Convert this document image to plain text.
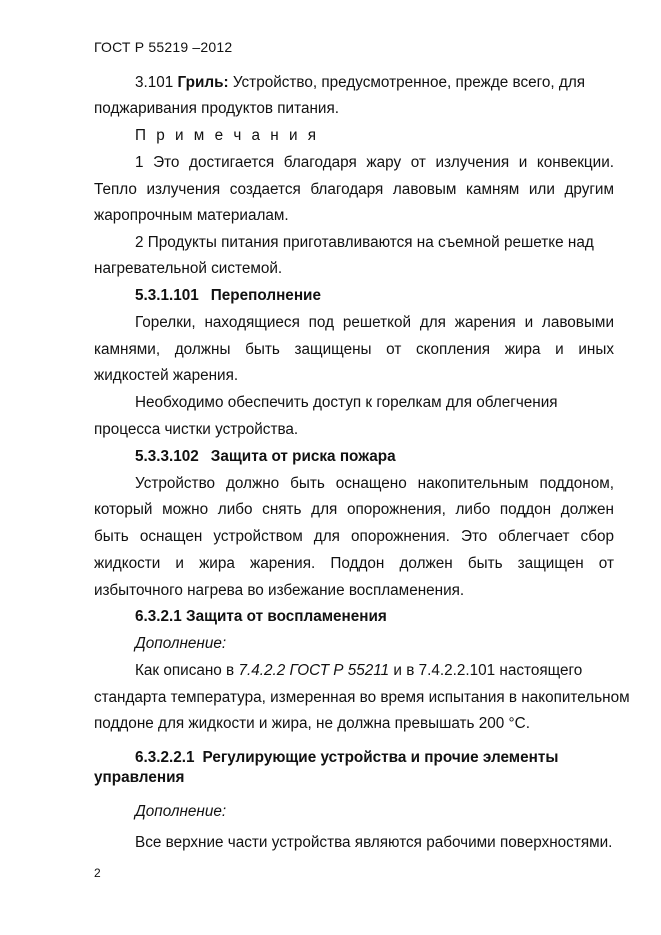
ГОСТ Р 55219 –2012
3.101 Гриль: Устройство, предусмотренное, прежде всего, для
поджаривания продуктов питания.
П р и м е ч а н и я
1 Это достигается благодаря жару от излучения и конвекции.
Тепло излучения создается благодаря лавовым камням или другим
жаропрочным материалам.
2 Продукты питания приготавливаются на съемной решетке над
нагревательной системой.
5.3.1.101 Переполнение
Горелки, находящиеся под решеткой для жарения и лавовыми
камнями, должны быть защищены от скопления жира и иных
жидкостей жарения.
Необходимо обеспечить доступ к горелкам для облегчения
процесса чистки устройства.
5.3.3.102 Защита от риска пожара
Устройство должно быть оснащено накопительным поддоном,
который можно либо снять для опорожнения, либо поддон должен
быть оснащен устройством для опорожнения. Это облегчает сбор
жидкости и жира жарения. Поддон должен быть защищен от
избыточного нагрева во избежание воспламенения.
6.3.2.1 Защита от воспламенения
Дополнение:
Как описано в 7.4.2.2 ГОСТ Р 55211 и в 7.4.2.2.101 настоящего
стандарта температура, измеренная во время испытания в накопительном
поддоне для жидкости и жира, не должна превышать 200 °С.
6.3.2.2.1 Регулирующие устройства и прочие элементы
управления
Дополнение:
Все верхние части устройства являются рабочими поверхностями.
2
